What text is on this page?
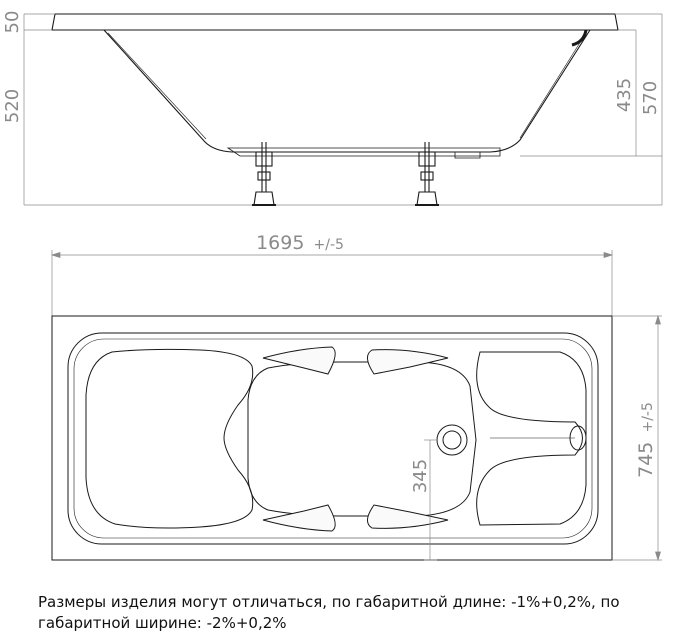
50
520	435 570
1695 +/-5
345	745 +/-5
Размеры изделия могут отличаться, по габаритной длине: -1%+0,2%, по габаритной ширине: -2%+0,2%
